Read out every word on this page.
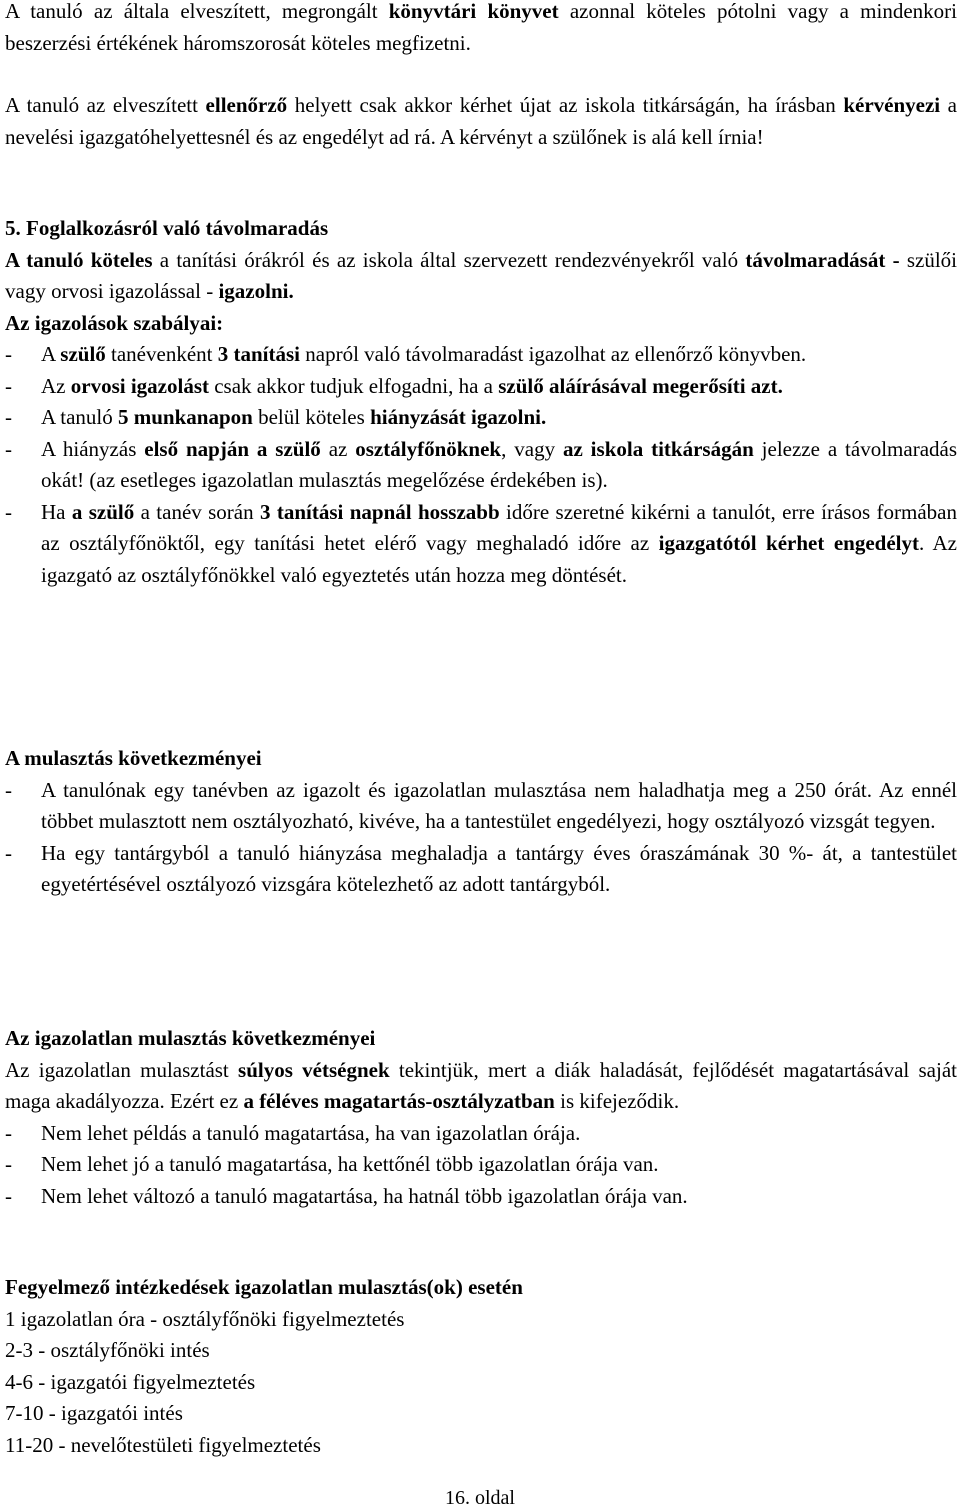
A tanuló az általa elveszített, megrongált könyvtári könyvet azonnal köteles pótolni vagy a mindenkori beszerzési értékének háromszorosát köteles megfizetni.

A tanuló az elveszített ellenőrző helyett csak akkor kérhet újat az iskola titkárságán, ha írásban kérvényezi a nevelési igazgatóhelyettesnél és az engedélyt ad rá. A kérvényt a szülőnek is alá kell írnia!

5. Foglalkozásról való távolmaradás

A tanuló köteles a tanítási órákról és az iskola által szervezett rendezvényekről való távolmaradását - szülői vagy orvosi igazolással - igazolni.

Az igazolások szabályai:

-	A szülő tanévenként 3 tanítási napról való távolmaradást igazolhat az ellenőrző könyvben.
-	Az orvosi igazolást csak akkor tudjuk elfogadni, ha a szülő aláírásával megerősíti azt.
-	A tanuló 5 munkanapon belül köteles hiányzását igazolni.
-	A hiányzás első napján a szülő az osztályfőnöknek, vagy az iskola titkárságán jelezze a távolmaradás okát! (az esetleges igazolatlan mulasztás megelőzése érdekében is).
-	Ha a szülő a tanév során 3 tanítási napnál hosszabb időre szeretné kikérni a tanulót, erre írásos formában az osztályfőnöktől, egy tanítási hetet elérő vagy meghaladó időre az igazgatótól kérhet engedélyt. Az igazgató az osztályfőnökkel való egyeztetés után hozza meg döntését.

A mulasztás következményei

-	A tanulónak egy tanévben az igazolt és igazolatlan mulasztása nem haladhatja meg a 250 órát. Az ennél többet mulasztott nem osztályozható, kivéve, ha a tantestület engedélyezi, hogy osztályozó vizsgát tegyen.
-	Ha egy tantárgyból a tanuló hiányzása meghaladja a tantárgy éves óraszámának 30 %- át, a tantestület egyetértésével osztályozó vizsgára kötelezhető az adott tantárgyból.

Az igazolatlan mulasztás következményei

Az igazolatlan mulasztást súlyos vétségnek tekintjük, mert a diák haladását, fejlődését magatartásával saját maga akadályozza. Ezért ez a féléves magatartás-osztályzatban is kifejeződik.

-	Nem lehet példás a tanuló magatartása, ha van igazolatlan órája.
-	Nem lehet jó a tanuló magatartása, ha kettőnél több igazolatlan órája van.
-	Nem lehet változó a tanuló magatartása, ha hatnál több igazolatlan órája van.

Fegyelmező intézkedések igazolatlan mulasztás(ok) esetén

1 igazolatlan óra - osztályfőnöki figyelmeztetés

2-3 - osztályfőnöki intés

4-6 - igazgatói figyelmeztetés

7-10 - igazgatói intés

11-20 - nevelőtestületi figyelmeztetés

16. oldal
